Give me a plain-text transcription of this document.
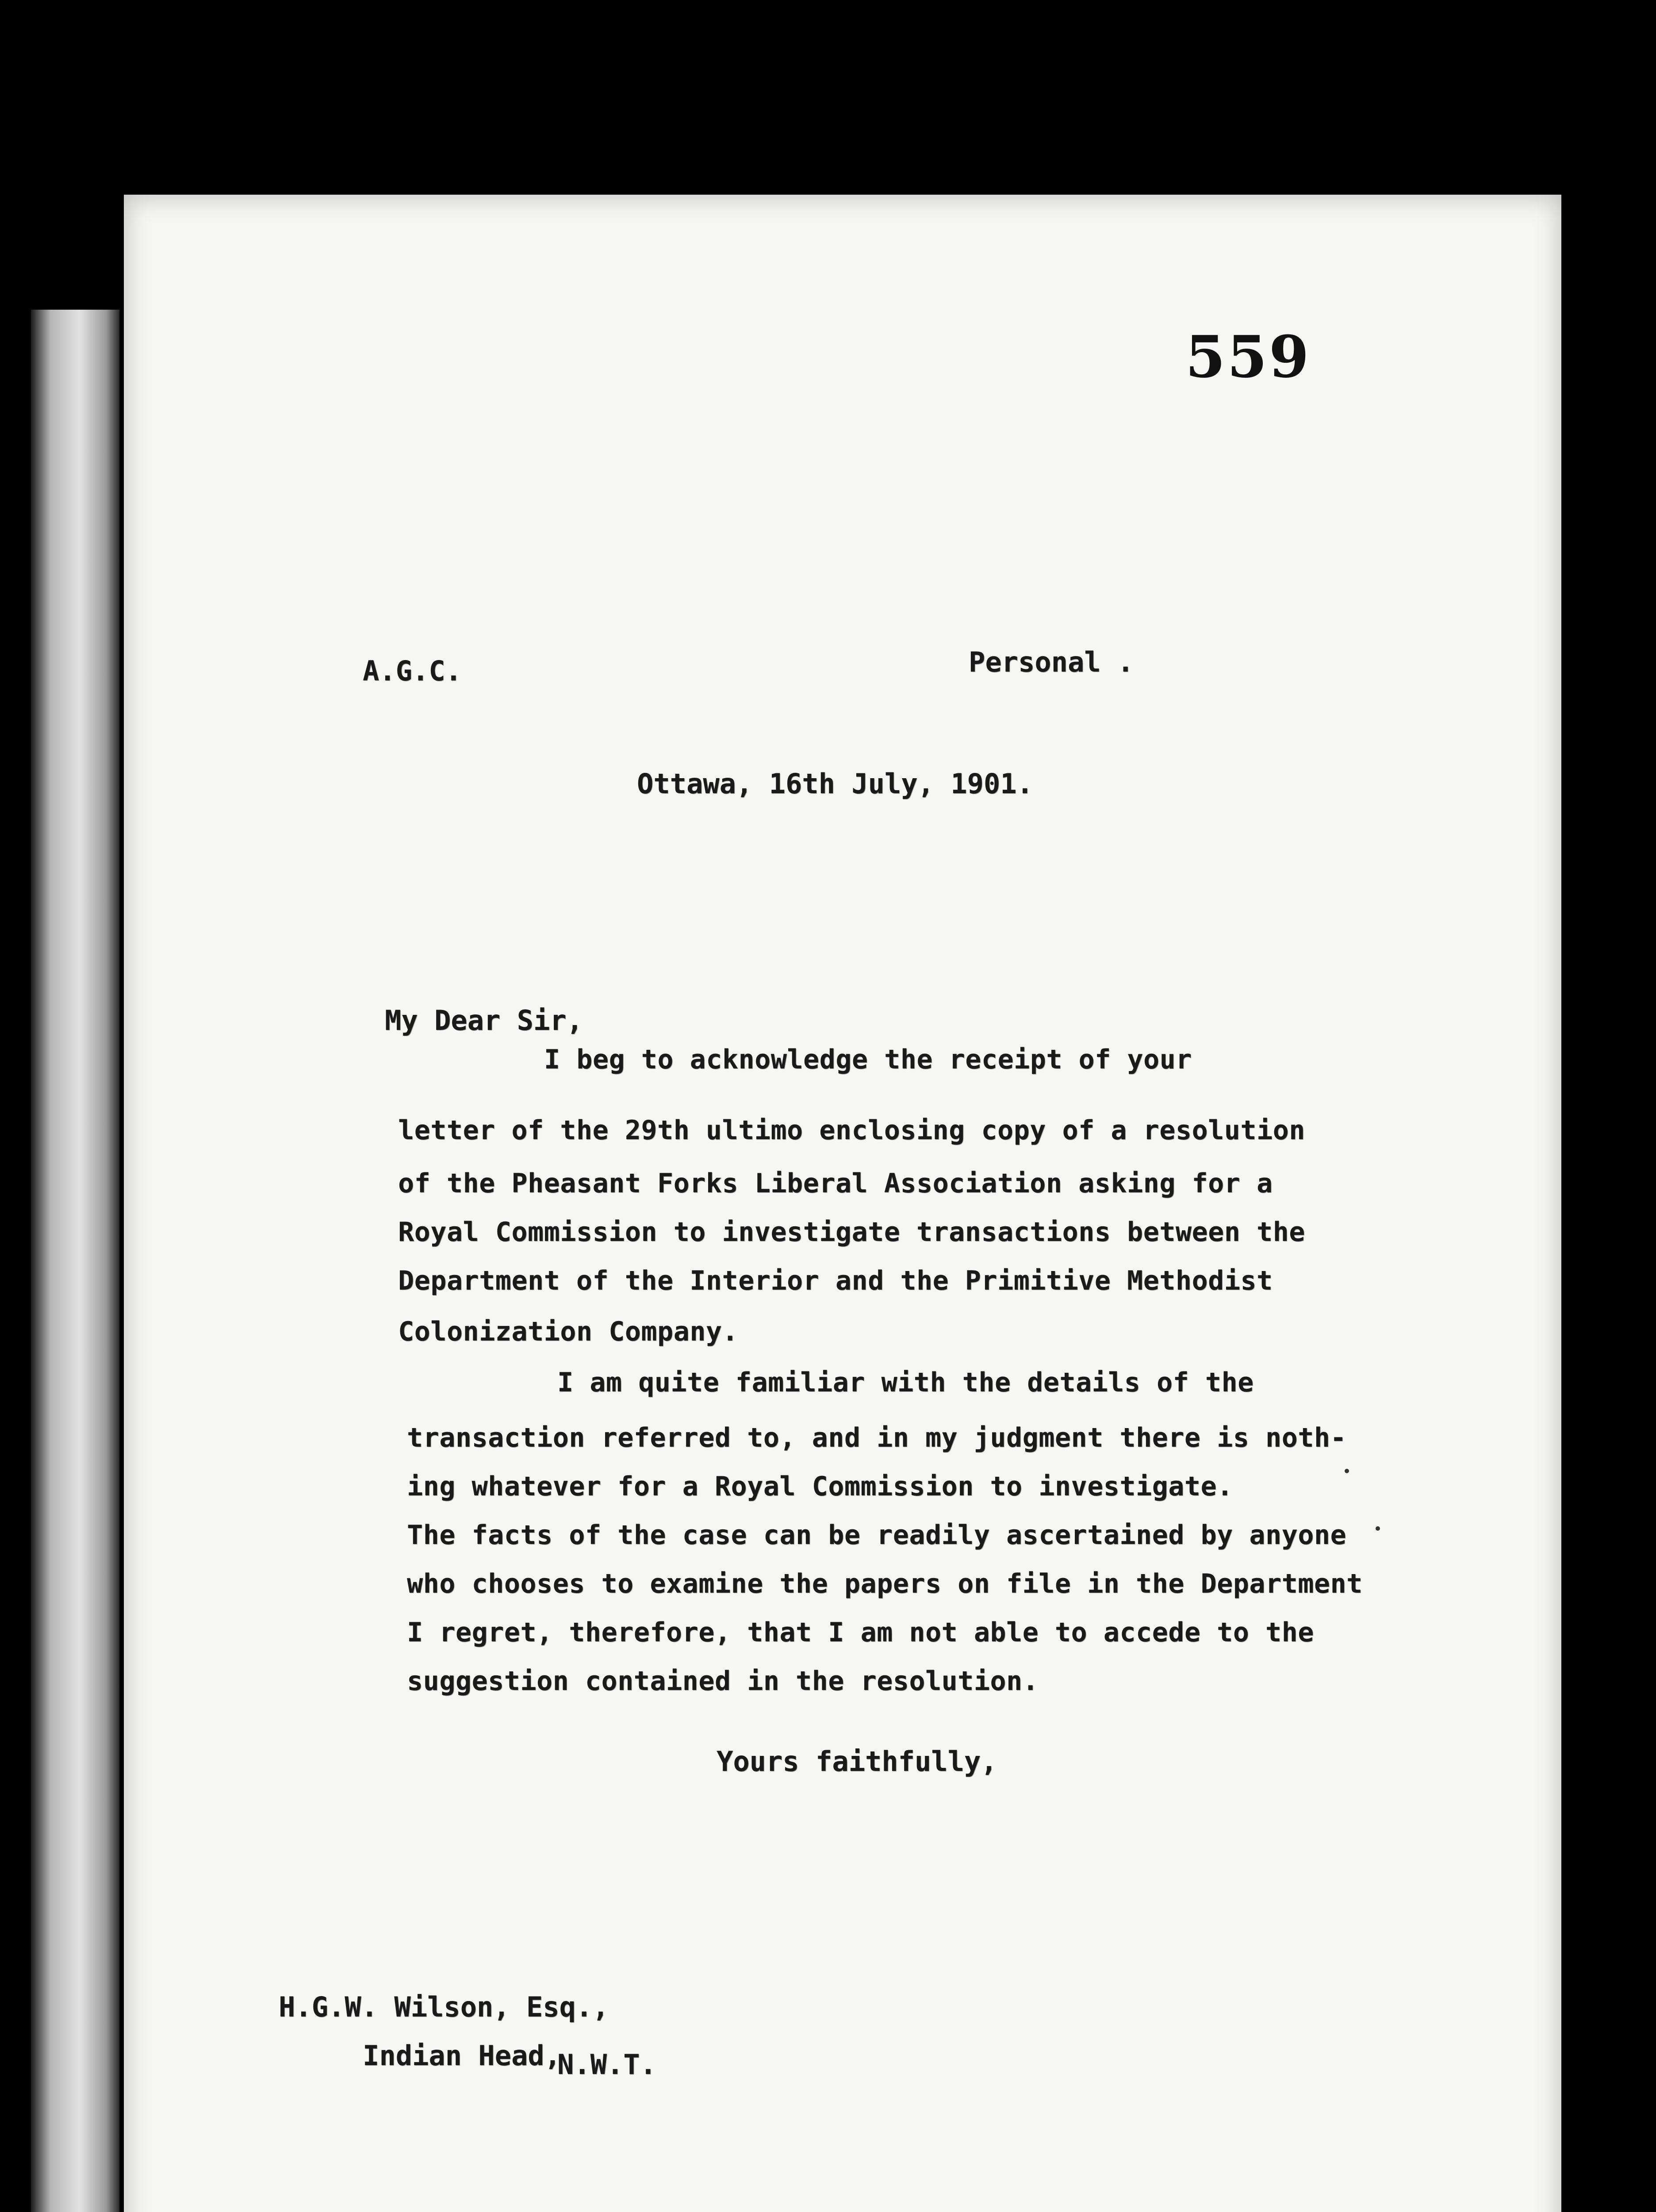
559
A.G.C.	Personal .
Ottawa, 16th July, 1901.
My Dear Sir,
I beg to acknowledge the receipt of your
letter of the 29th ultimo enclosing copy of a resolution
of the Pheasant Forks Liberal Association asking for a
Royal Commission to investigate transactions between the
Department of the Interior and the Primitive Methodist
Colonization Company.
I am quite familiar with the details of the
transaction referred to, and in my judgment there is noth-
ing whatever for a Royal Commission to investigate.
The facts of the case can be readily ascertained by anyone
who chooses to examine the papers on file in the Department
I regret, therefore, that I am not able to accede to the
suggestion contained in the resolution.
Yours faithfully,
H.G.W. Wilson, Esq.,
Indian Head,
N.W.T.
